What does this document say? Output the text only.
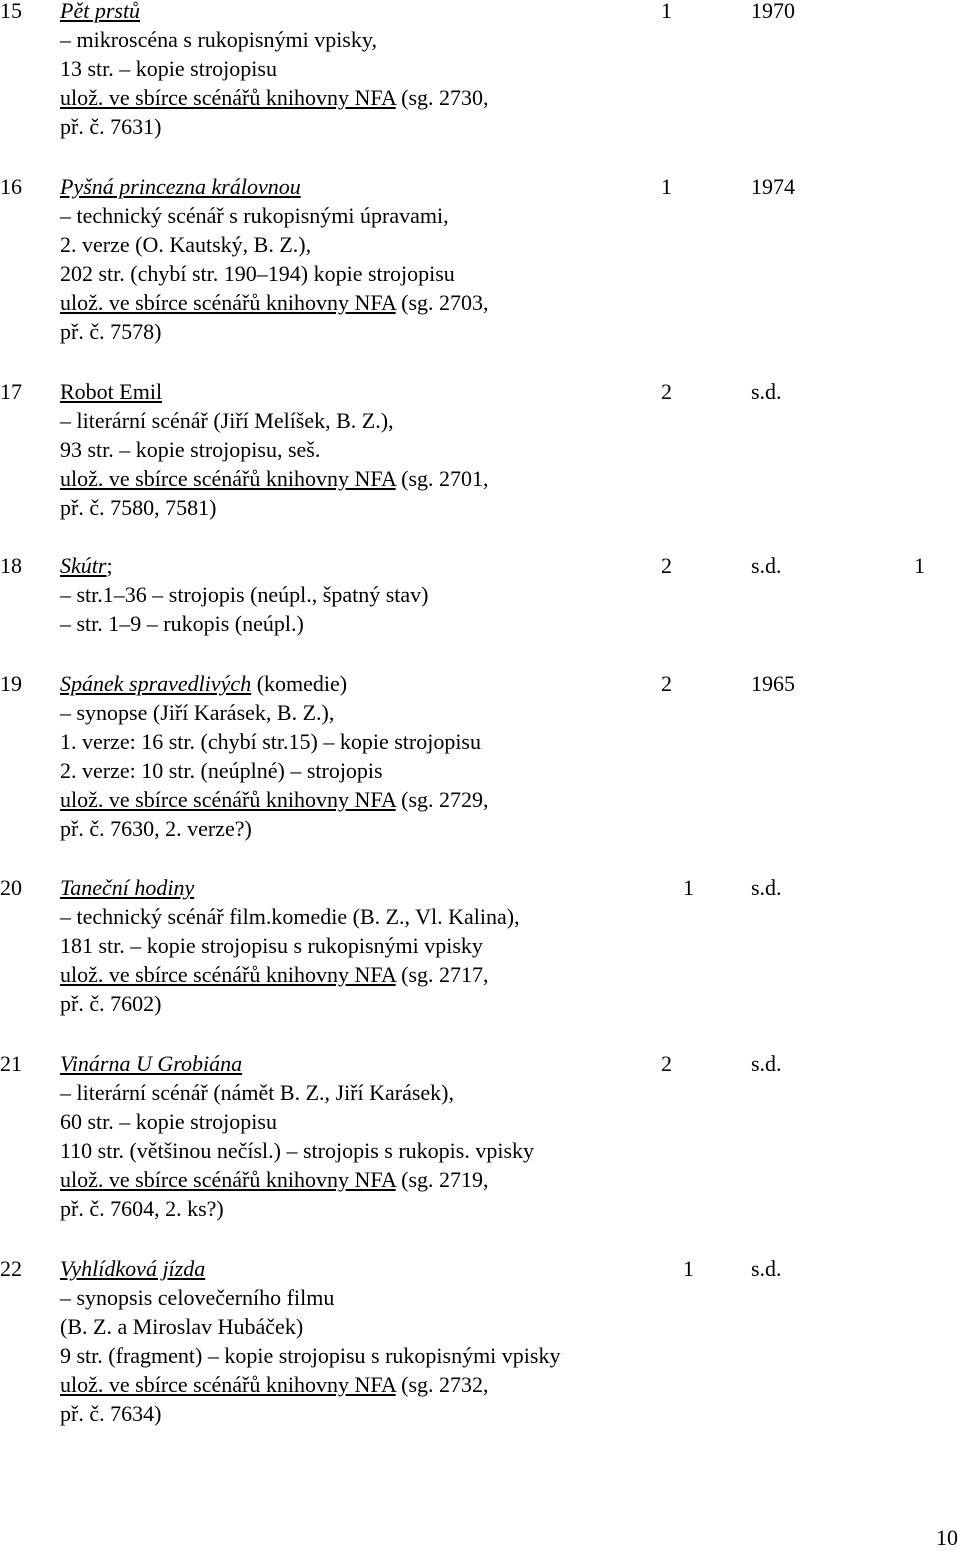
15 Pět prstů	1	1970
– mikroscéna s rukopisnými vpisky,
13 str. – kopie strojopisu
ulož. ve sbírce scénářů knihovny NFA (sg. 2730,
př. č. 7631)
16 Pyšná princezna královnou	1	1974
– technický scénář s rukopisnými úpravami,
2. verze (O. Kautský, B. Z.),
202 str. (chybí str. 190–194) kopie strojopisu
ulož. ve sbírce scénářů knihovny NFA (sg. 2703,
př. č. 7578)
17 Robot Emil	2	s.d.
– literární scénář (Jiří Melíšek, B. Z.),
93 str. – kopie strojopisu, seš.
ulož. ve sbírce scénářů knihovny NFA (sg. 2701,
př. č. 7580, 7581)
18 Skútr;	2	s.d.	1
– str.1–36 – strojopis (neúpl., špatný stav)
– str. 1–9 – rukopis (neúpl.)
19 Spánek spravedlivých (komedie)	2	1965
– synopse (Jiří Karásek, B. Z.),
1. verze: 16 str. (chybí str.15) – kopie strojopisu
2. verze: 10 str. (neúplné) – strojopis
ulož. ve sbírce scénářů knihovny NFA (sg. 2729,
př. č. 7630, 2. verze?)
20 Taneční hodiny	1	s.d.
– technický scénář film.komedie (B. Z., Vl. Kalina),
181 str. – kopie strojopisu s rukopisnými vpisky
ulož. ve sbírce scénářů knihovny NFA (sg. 2717,
př. č. 7602)
21 Vinárna U Grobiána	2	s.d.
– literární scénář (námět B. Z., Jiří Karásek),
60 str. – kopie strojopisu
110 str. (většinou nečísl.) – strojopis s rukopis. vpisky
ulož. ve sbírce scénářů knihovny NFA (sg. 2719,
př. č. 7604, 2. ks?)
22 Vyhlídková jízda	1	s.d.
– synopsis celovečerního filmu
(B. Z. a Miroslav Hubáček)
9 str. (fragment) – kopie strojopisu s rukopisnými vpisky
ulož. ve sbírce scénářů knihovny NFA (sg. 2732,
př. č. 7634)
10
